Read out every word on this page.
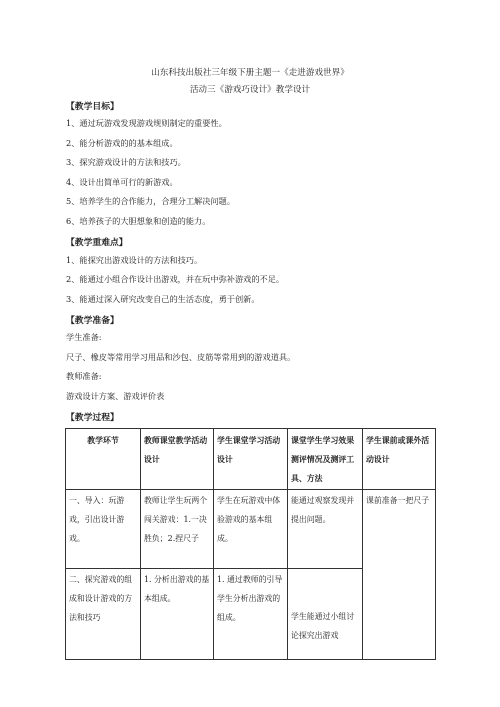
山东科技出版社三年级下册主题一《走进游戏世界》
活动三《游戏巧设计》教学设计
【教学目标】
1、通过玩游戏发现游戏规则制定的重要性。
2、能分析游戏的的基本组成。
3、探究游戏设计的方法和技巧。
4、设计出简单可行的新游戏。
5、培养学生的合作能力，合理分工解决问题。
6、培养孩子的大胆想象和创造的能力。
【教学重难点】
1、能探究出游戏设计的方法和技巧。
2、能通过小组合作设计出游戏，并在玩中弥补游戏的不足。
3、能通过深入研究改变自己的生活态度，勇于创新。
【教学准备】
学生准备:
尺子、橡皮等常用学习用品和沙包、皮筋等常用到的游戏道具。
教师准备:
游戏设计方案、游戏评价表
【教学过程】
教学环节	教师课堂教学活动设计	学生课堂学习活动设计	课堂学生学习效果测评情况及测评工具、方法	学生课前或课外活动设计

一、导入：玩游戏，引出设计游戏。	教师让学生玩两个闯关游戏：1.一决胜负；2.捏尺子	学生在玩游戏中体验游戏的基本组成。	能通过观察发现并提出问题。	课前准备一把尺子

二、探究游戏的组成和设计游戏的方法和技巧	1. 分析出游戏的基本组成。	1. 通过教师的引导学生分析出游戏的组成。	学生能通过小组讨论探究出游戏	
